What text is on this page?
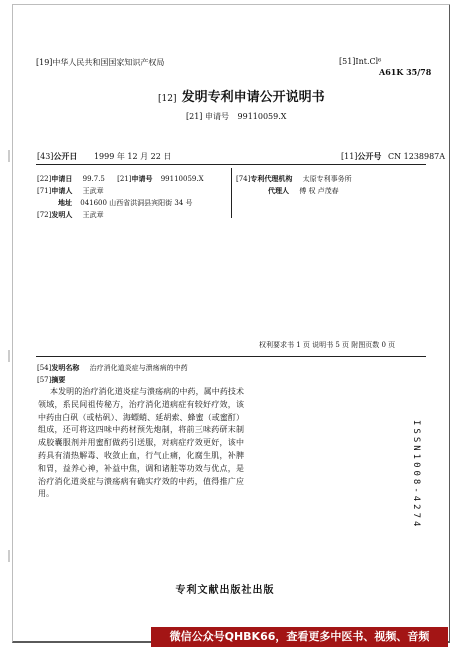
[19]中华人民共和国国家知识产权局	[51]Int.Cl⁶
A61K 35/78
[12] 发明专利申请公开说明书
[21] 申请号 99110059.X
[43]公开日 1999 年 12 月 22 日	[11]公开号 CN 1238987A
[22]申请日 99.7.5 [21]申请号 99110059.X
[71]申请人 王武章
地址 041600 山西省洪洞县宾阳街 34 号
[72]发明人 王武章
[74]专利代理机构 太原专利事务所
代理人 傅 权 卢茂春
权利要求书 1 页 说明书 5 页 附图页数 0 页
[54]发明名称 治疗消化道炎症与溃疡病的中药
[57]摘要

本发明的治疗消化道炎症与溃疡病的中药，属中药技术领域，系民间祖传秘方，治疗消化道病症有较好疗效，该中药由白矾（或枯矾）、海螵蛸、延胡索、蜂蜜（或蜜酊）组成，还可将这四味中药材预先炮制，将前三味药研末制成胶囊服剂并用蜜酊做药引送服，对病症疗效更好，该中药具有清热解毒、收敛止血，行气止痛，化腐生肌，补脾和胃，益养心神，补益中焦，调和诸脏等功效与优点，是治疗消化道炎症与溃疡病有确实疗效的中药，值得推广应用。	ISSN1008-4274
专利文献出版社出版
微信公众号QHBK66，查看更多中医书、视频、音频
